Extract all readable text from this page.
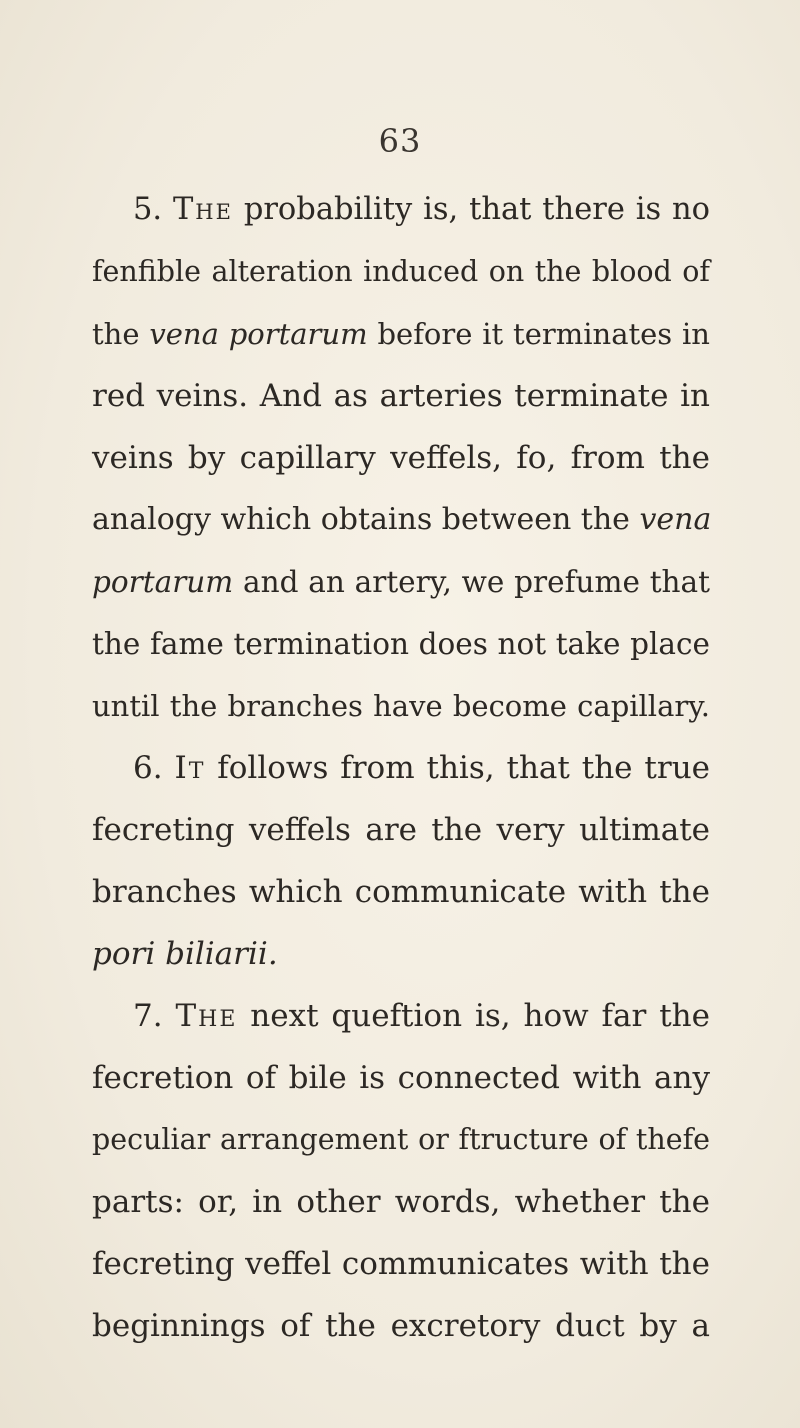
63
5. The probability is, that there is no
fenfible alteration induced on the blood of
the vena portarum before it terminates in
red veins. And as arteries terminate in
veins by capillary veffels, fo, from the
analogy which obtains between the vena
portarum and an artery, we prefume that
the fame termination does not take place
until the branches have become capillary.
6. It follows from this, that the true
fecreting veffels are the very ultimate
branches which communicate with the
pori biliarii.
7. The next queftion is, how far the
fecretion of bile is connected with any
peculiar arrangement or ftructure of thefe
parts: or, in other words, whether the
fecreting veffel communicates with the
beginnings of the excretory duct by a
